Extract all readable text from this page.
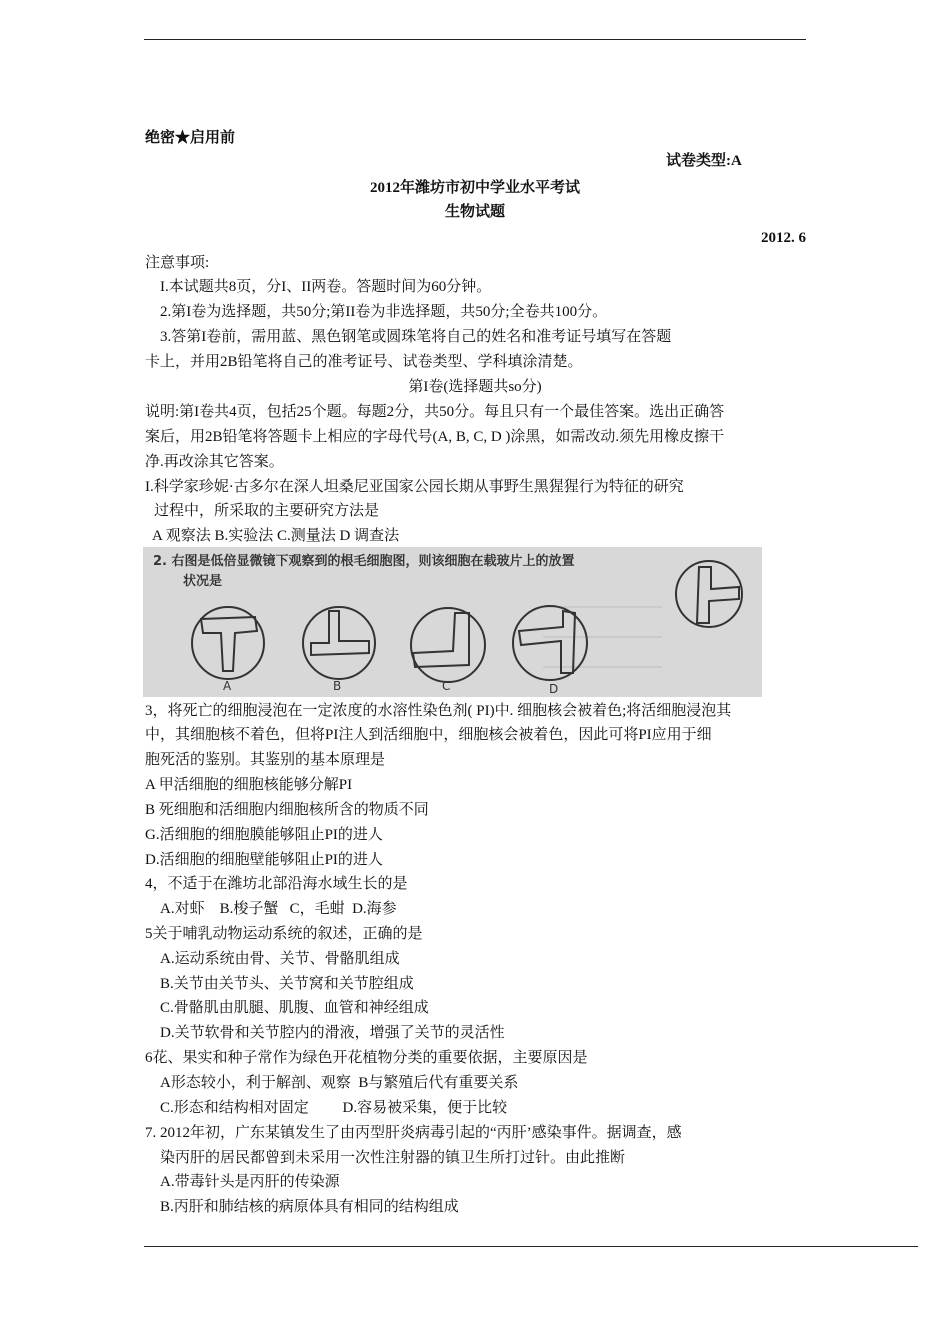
绝密★启用前
试卷类型:A
2012年潍坊市初中学业水平考试
生物试题
2012. 6
注意事项:
I.本试题共8页，分I、II两卷。答题时间为60分钟。
2.第I卷为选择题，共50分;第II卷为非选择题，共50分;全卷共100分。
3.答第I卷前，需用蓝、黑色钢笔或圆珠笔将自己的姓名和准考证号填写在答题
卡上，并用2B铅笔将自己的准考证号、试卷类型、学科填涂清楚。
第I卷(选择题共so分)
说明:第I卷共4页，包括25个题。每题2分，共50分。每且只有一个最佳答案。选出正确答
案后，用2B铅笔将答题卡上相应的字母代号(A, B, C, D )涂黑，如需改动.须先用橡皮擦干
净.再改涂其它答案。
I.科学家珍妮·古多尔在深人坦桑尼亚国家公园长期从事野生黑猩猩行为特征的研究
过程中，所采取的主要研究方法是
A 观察法 B.实验法 C.测量法 D 调查法
2. 右图是低倍显微镜下观察到的根毛细胞图，则该细胞在载玻片上的放置
状况是
A	B	C	D
3，将死亡的细胞浸泡在一定浓度的水溶性染色剂( PI)中. 细胞核会被着色;将活细胞浸泡其
中，其细胞核不着色，但将PI注人到活细胞中，细胞核会被着色，因此可将PI应用于细
胞死活的鉴别。其鉴别的基本原理是
A 甲活细胞的细胞核能够分解PI
B 死细胞和活细胞内细胞核所含的物质不同
G.活细胞的细胞膜能够阻止PI的进人
D.活细胞的细胞壁能够阻止PI的进人
4，不适于在潍坊北部沿海水域生长的是
A.对虾    B.梭子蟹   C，毛蚶  D.海参
5关于哺乳动物运动系统的叙述，正确的是
A.运动系统由骨、关节、骨骼肌组成
B.关节由关节头、关节窝和关节腔组成
C.骨骼肌由肌腿、肌腹、血管和神经组成
D.关节软骨和关节腔内的滑液，增强了关节的灵活性
6花、果实和种子常作为绿色开花植物分类的重要依据，主要原因是
A形态较小，利于解剖、观察  B与繁殖后代有重要关系
C.形态和结构相对固定         D.容易被采集，便于比较
7. 2012年初，广东某镇发生了由丙型肝炎病毒引起的“丙肝’感染事件。据调查，感
染丙肝的居民都曾到未采用一次性注射器的镇卫生所打过针。由此推断
A.带毒针头是丙肝的传染源
B.丙肝和肺结核的病原体具有相同的结构组成
